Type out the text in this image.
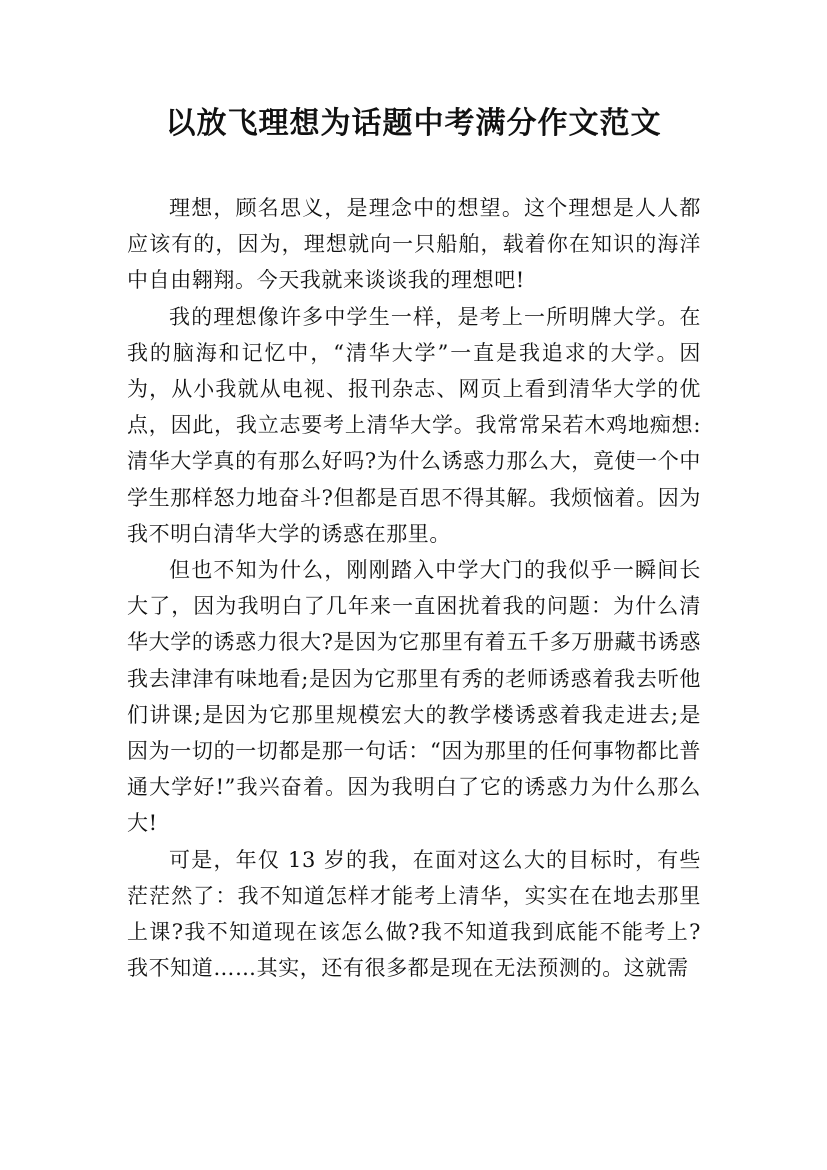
以放飞理想为话题中考满分作文范文

理想，顾名思义，是理念中的想望。这个理想是人人都应该有的，因为，理想就向一只船舶，载着你在知识的海洋中自由翱翔。今天我就来谈谈我的理想吧!

我的理想像许多中学生一样，是考上一所明牌大学。在我的脑海和记忆中，“清华大学”一直是我追求的大学。因为，从小我就从电视、报刊杂志、网页上看到清华大学的优点，因此，我立志要考上清华大学。我常常呆若木鸡地痴想:清华大学真的有那么好吗?为什么诱惑力那么大，竟使一个中学生那样怒力地奋斗?但都是百思不得其解。我烦恼着。因为我不明白清华大学的诱惑在那里。

但也不知为什么，刚刚踏入中学大门的我似乎一瞬间长大了，因为我明白了几年来一直困扰着我的问题：为什么清华大学的诱惑力很大?是因为它那里有着五千多万册藏书诱惑我去津津有味地看;是因为它那里有秀的老师诱惑着我去听他们讲课;是因为它那里规模宏大的教学楼诱惑着我走进去;是因为一切的一切都是那一句话：“因为那里的任何事物都比普通大学好!”我兴奋着。因为我明白了它的诱惑力为什么那么大!

可是，年仅 13 岁的我，在面对这么大的目标时，有些茫茫然了：我不知道怎样才能考上清华，实实在在地去那里上课?我不知道现在该怎么做?我不知道我到底能不能考上?我不知道……其实，还有很多都是现在无法预测的。这就需
